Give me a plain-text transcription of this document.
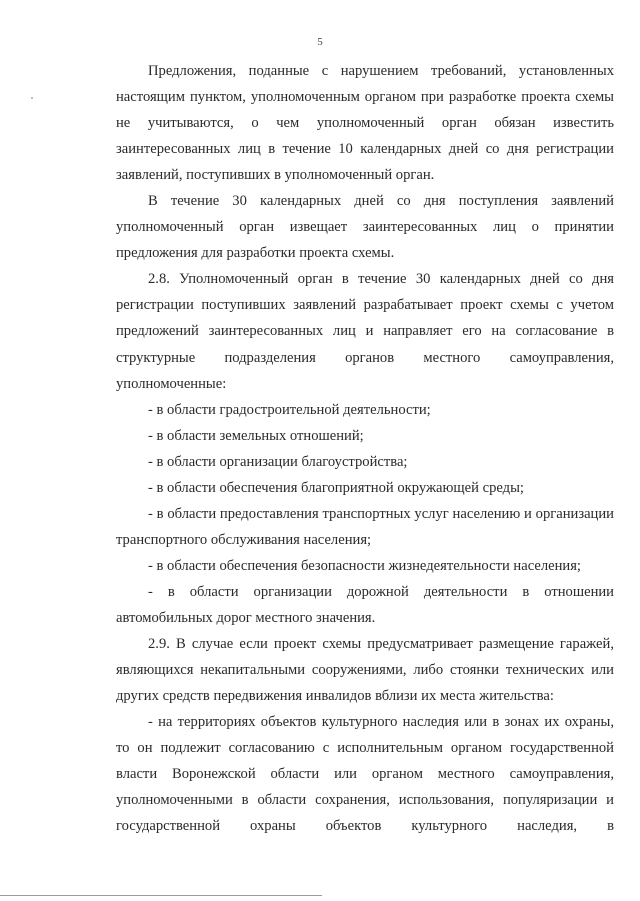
5

Предложения, поданные с нарушением требований, установленных настоящим пунктом, уполномоченным органом при разработке проекта схемы не учитываются, о чем уполномоченный орган обязан известить заинтересованных лиц в течение 10 календарных дней со дня регистрации заявлений, поступивших в уполномоченный орган.

В течение 30 календарных дней со дня поступления заявлений уполномоченный орган извещает заинтересованных лиц о принятии предложения для разработки проекта схемы.

2.8. Уполномоченный орган в течение 30 календарных дней со дня регистрации поступивших заявлений разрабатывает проект схемы с учетом предложений заинтересованных лиц и направляет его на согласование в структурные подразделения органов местного самоуправления, уполномоченные:

- в области градостроительной деятельности;

- в области земельных отношений;

- в области организации благоустройства;

- в области обеспечения благоприятной окружающей среды;

- в области предоставления транспортных услуг населению и организации транспортного обслуживания населения;

- в области обеспечения безопасности жизнедеятельности населения;

- в области организации дорожной деятельности в отношении автомобильных дорог местного значения.

2.9. В случае если проект схемы предусматривает размещение гаражей, являющихся некапитальными сооружениями, либо стоянки технических или других средств передвижения инвалидов вблизи их места жительства:

- на территориях объектов культурного наследия или в зонах их охраны, то он подлежит согласованию с исполнительным органом государственной власти Воронежской области или органом местного самоуправления, уполномоченными в области сохранения, использования, популяризации и государственной охраны объектов культурного наследия, в
